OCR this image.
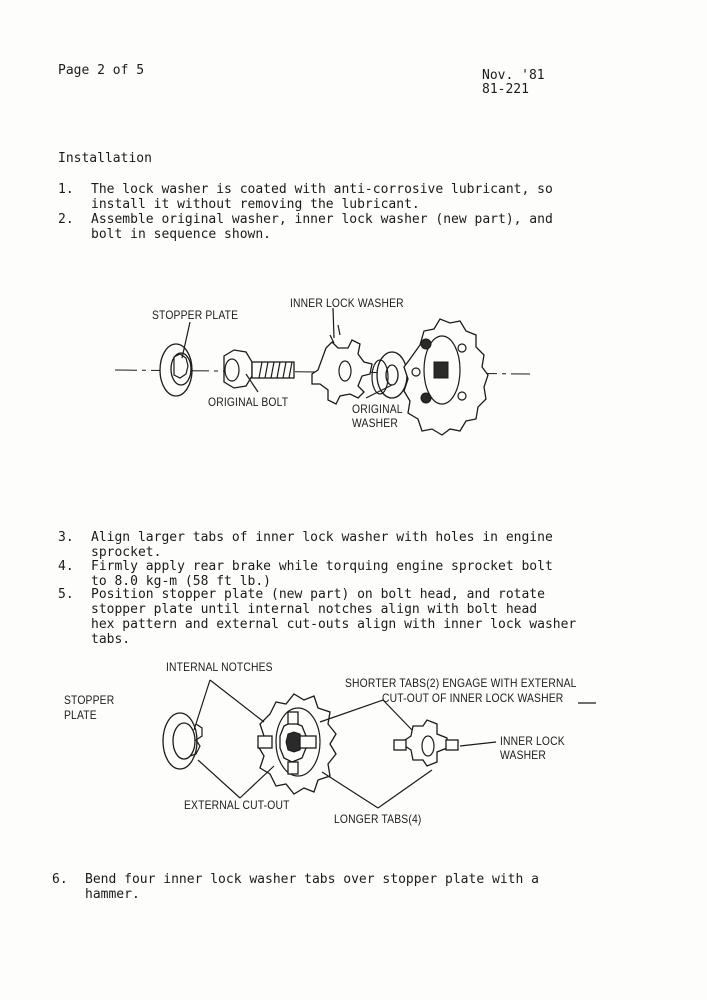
Page 2 of 5	Nov. '81
81-221
Installation
1. The lock washer is coated with anti-corrosive lubricant, so
install it without removing the lubricant.
2. Assemble original washer, inner lock washer (new part), and
bolt in sequence shown.
STOPPER PLATE
INNER LOCK WASHER
ORIGINAL BOLT	ORIGINAL
WASHER
3. Align larger tabs of inner lock washer with holes in engine
sprocket.
4. Firmly apply rear brake while torquing engine sprocket bolt
to 8.0 kg-m (58 ft lb.)
5. Position stopper plate (new part) on bolt head, and rotate
stopper plate until internal notches align with bolt head
hex pattern and external cut-outs align with inner lock washer
tabs.
INTERNAL NOTCHES
SHORTER TABS(2) ENGAGE WITH EXTERNAL
CUT-OUT OF INNER LOCK WASHER
STOPPER
PLATE
INNER LOCK
WASHER
EXTERNAL CUT-OUT
LONGER TABS(4)
6. Bend four inner lock washer tabs over stopper plate with a
hammer.
